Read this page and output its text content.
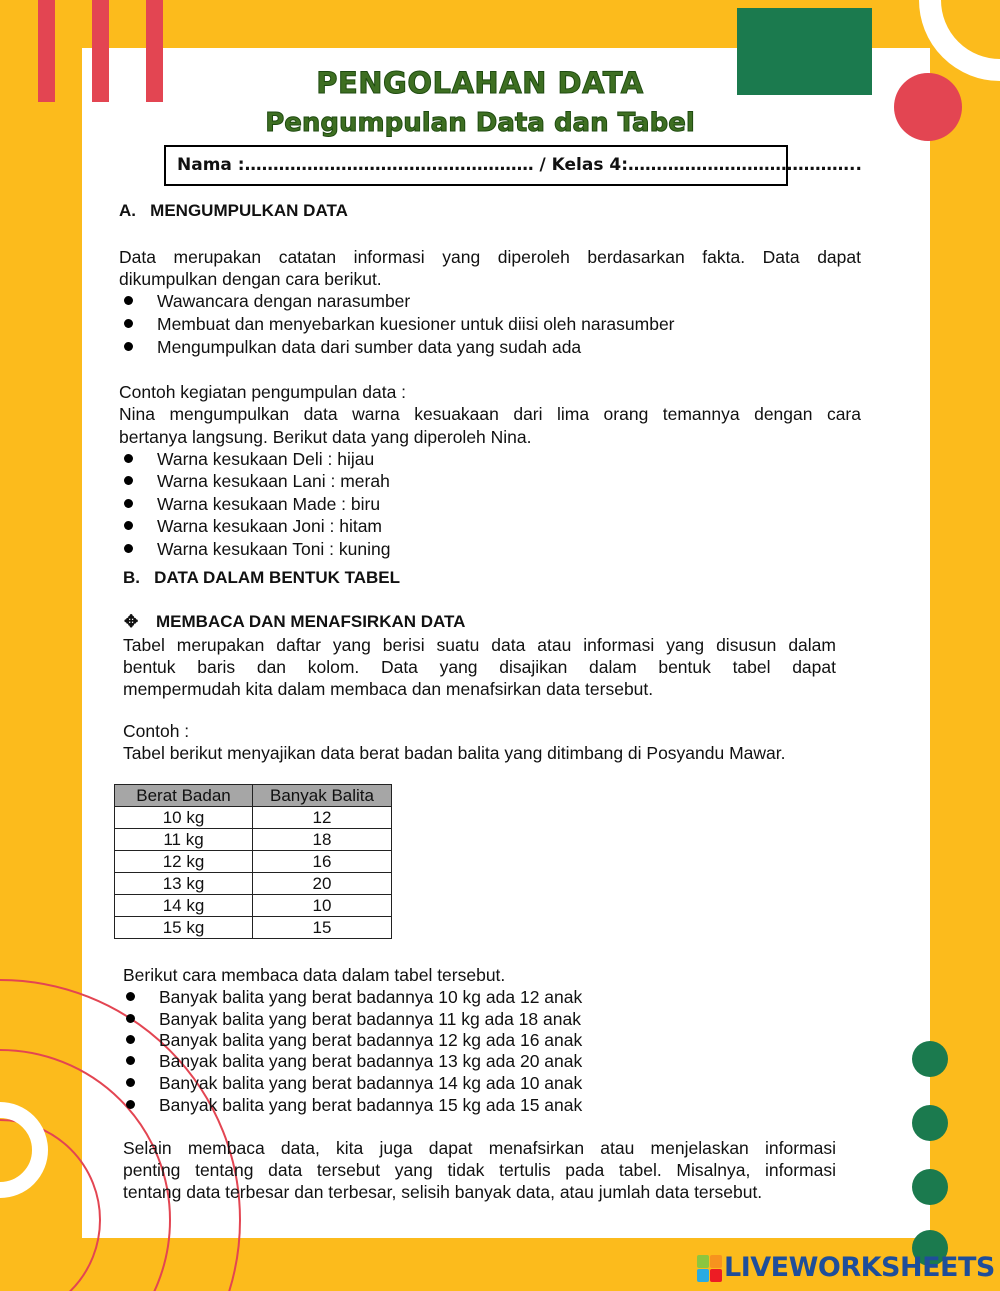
PENGOLAHAN DATA
Pengumpulan Data dan Tabel
Nama :…………………………………………… / Kelas 4:…………………………………..
A.   MENGUMPULKAN DATA
Data merupakan catatan informasi yang diperoleh berdasarkan fakta. Data dapat
dikumpulkan dengan cara berikut.
Wawancara dengan narasumber
Membuat dan menyebarkan kuesioner untuk diisi oleh narasumber
Mengumpulkan data dari sumber data yang sudah ada
Contoh kegiatan pengumpulan data :
Nina mengumpulkan data warna kesuakaan dari lima orang temannya dengan cara
bertanya langsung. Berikut data yang diperoleh Nina.
Warna kesukaan Deli : hijau
Warna kesukaan Lani : merah
Warna kesukaan Made : biru
Warna kesukaan Joni : hitam
Warna kesukaan Toni : kuning
B.   DATA DALAM BENTUK TABEL
✥ MEMBACA DAN MENAFSIRKAN DATA
Tabel merupakan daftar yang berisi suatu data atau informasi yang disusun dalam
bentuk baris dan kolom. Data yang disajikan dalam bentuk tabel dapat
mempermudah kita dalam membaca dan menafsirkan data tersebut.
Contoh :
Tabel berikut menyajikan data berat badan balita yang ditimbang di Posyandu Mawar.
Berat Badan	Banyak Balita
10 kg	12
11 kg	18
12 kg	16
13 kg	20
14 kg	10
15 kg	15
Berikut cara membaca data dalam tabel tersebut.
Banyak balita yang berat badannya 10 kg ada 12 anak
Banyak balita yang berat badannya 11 kg ada 18 anak
Banyak balita yang berat badannya 12 kg ada 16 anak
Banyak balita yang berat badannya 13 kg ada 20 anak
Banyak balita yang berat badannya 14 kg ada 10 anak
Banyak balita yang berat badannya 15 kg ada 15 anak
Selain membaca data, kita juga dapat menafsirkan atau menjelaskan informasi
penting tentang data tersebut yang tidak tertulis pada tabel. Misalnya, informasi
tentang data terbesar dan terbesar, selisih banyak data, atau jumlah data tersebut.
LIVEWORKSHEETS
